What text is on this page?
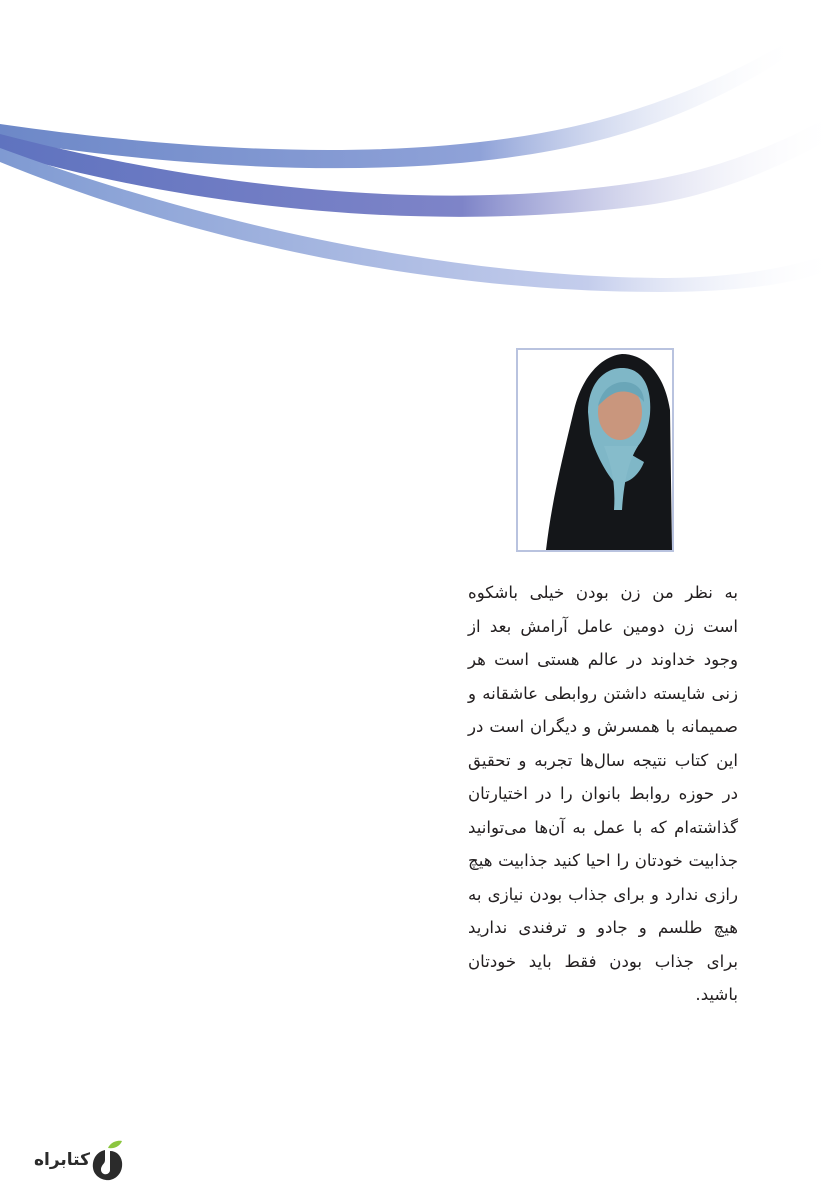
به نظر من زن بودن خیلی باشکوه است زن دومین عامل آرامش بعد از وجود خداوند در عالم هستی است هر زنی شایسته داشتن روابطی عاشقانه و صمیمانه با همسرش و دیگران است در این کتاب نتیجه سال‌ها تجربه و تحقیق در حوزه روابط بانوان را در اختیارتان گذاشته‌ام که با عمل به آن‌ها می‌توانید جذابیت خودتان را احیا کنید جذابیت هیچ رازی ندارد و برای جذاب بودن نیازی به هیچ طلسم و جادو و ترفندی ندارید برای جذاب بودن فقط باید خودتان باشید.

کتابراه
